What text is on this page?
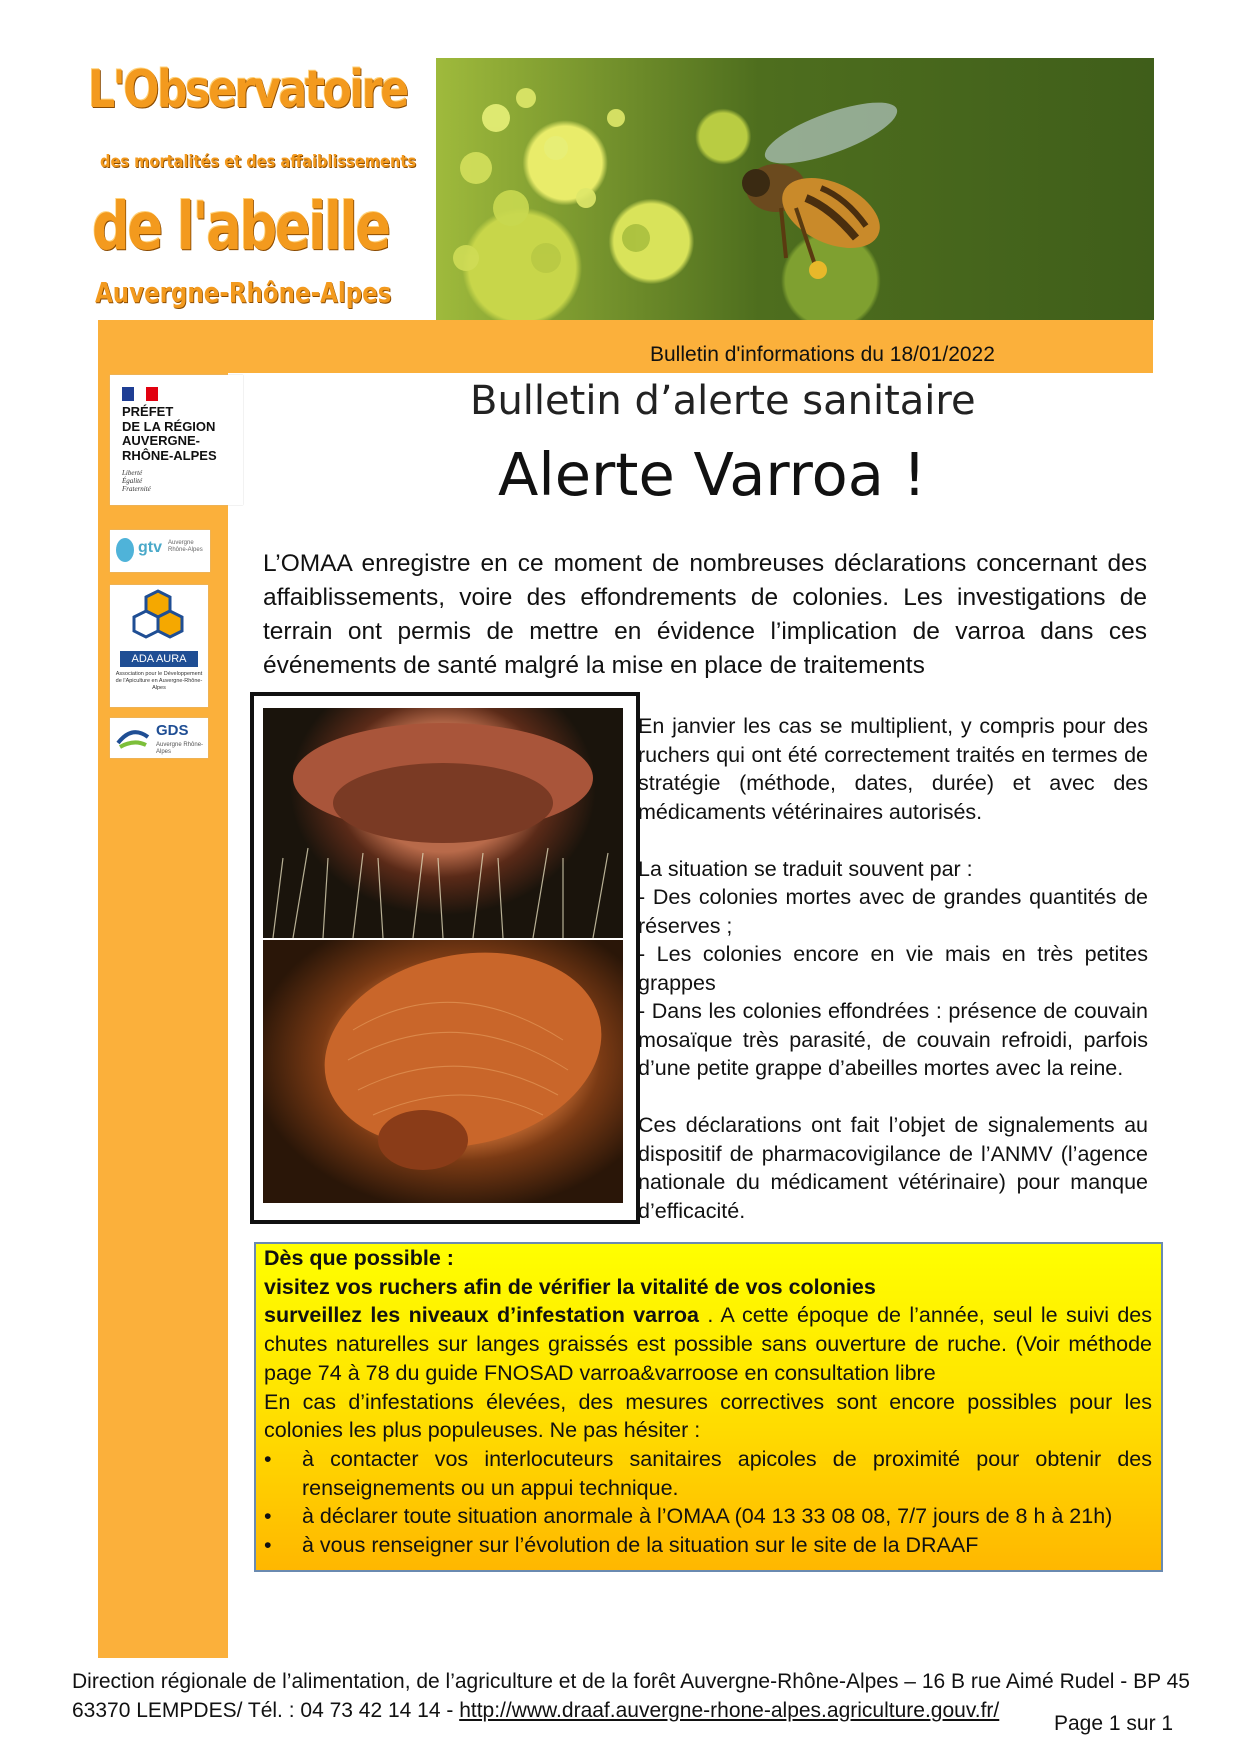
L'Observatoire
des mortalités et des affaiblissements
de l'abeille
Auvergne-Rhône-Alpes
PRÉFET
DE LA RÉGION
AUVERGNE-
RHÔNE-ALPES
Liberté
Égalité
Fraternité
gtv Auvergne Rhône-Alpes
ADA AURA
Association pour le Développement de l'Apiculture en Auvergne-Rhône-Alpes
GDS
Auvergne Rhône-Alpes
Bulletin d'informations du 18/01/2022
Bulletin d’alerte sanitaire
Alerte Varroa !
L’OMAA enregistre en ce moment de nombreuses déclarations concernant des affaiblissements, voire des effondrements de colonies. Les investigations de terrain ont permis de mettre en évidence l’implication de varroa dans ces événements de santé malgré la mise en place de traitements

En janvier les cas se multiplient, y compris pour des ruchers qui ont été correctement traités en termes de stratégie (méthode, dates, durée) et avec des médicaments vétérinaires autorisés.

La situation se traduit souvent par :

- Des colonies mortes avec de grandes quantités de réserves ;

- Les colonies encore en vie mais en très petites grappes

- Dans les colonies effondrées : présence de couvain mosaïque très parasité, de couvain refroidi, parfois d’une petite grappe d’abeilles mortes avec la reine.

Ces déclarations ont fait l’objet de signalements au dispositif de pharmacovigilance de l’ANMV (l’agence nationale du médicament vétérinaire) pour manque d’efficacité.

Dès que possible :
visitez vos ruchers afin de vérifier la vitalité de vos colonies
surveillez les niveaux d’infestation varroa . A cette époque de l’année, seul le suivi des chutes naturelles sur langes graissés est possible sans ouverture de ruche. (Voir méthode page 74 à 78 du guide FNOSAD varroa&varroose en consultation libre
En cas d’infestations élevées, des mesures correctives sont encore possibles pour les colonies les plus populeuses. Ne pas hésiter :
•	à contacter vos interlocuteurs sanitaires apicoles de proximité pour obtenir des renseignements ou un appui technique.
•	à déclarer toute situation anormale à l’OMAA (04 13 33 08 08, 7/7 jours de 8 h à 21h)
•	à vous renseigner sur l’évolution de la situation sur le site de la DRAAF
Direction régionale de l’alimentation, de l’agriculture et de la forêt Auvergne-Rhône-Alpes – 16 B rue Aimé Rudel - BP 45
63370 LEMPDES/ Tél. : 04 73 42 14 14 - http://www.draaf.auvergne-rhone-alpes.agriculture.gouv.fr/
Page 1 sur 1
